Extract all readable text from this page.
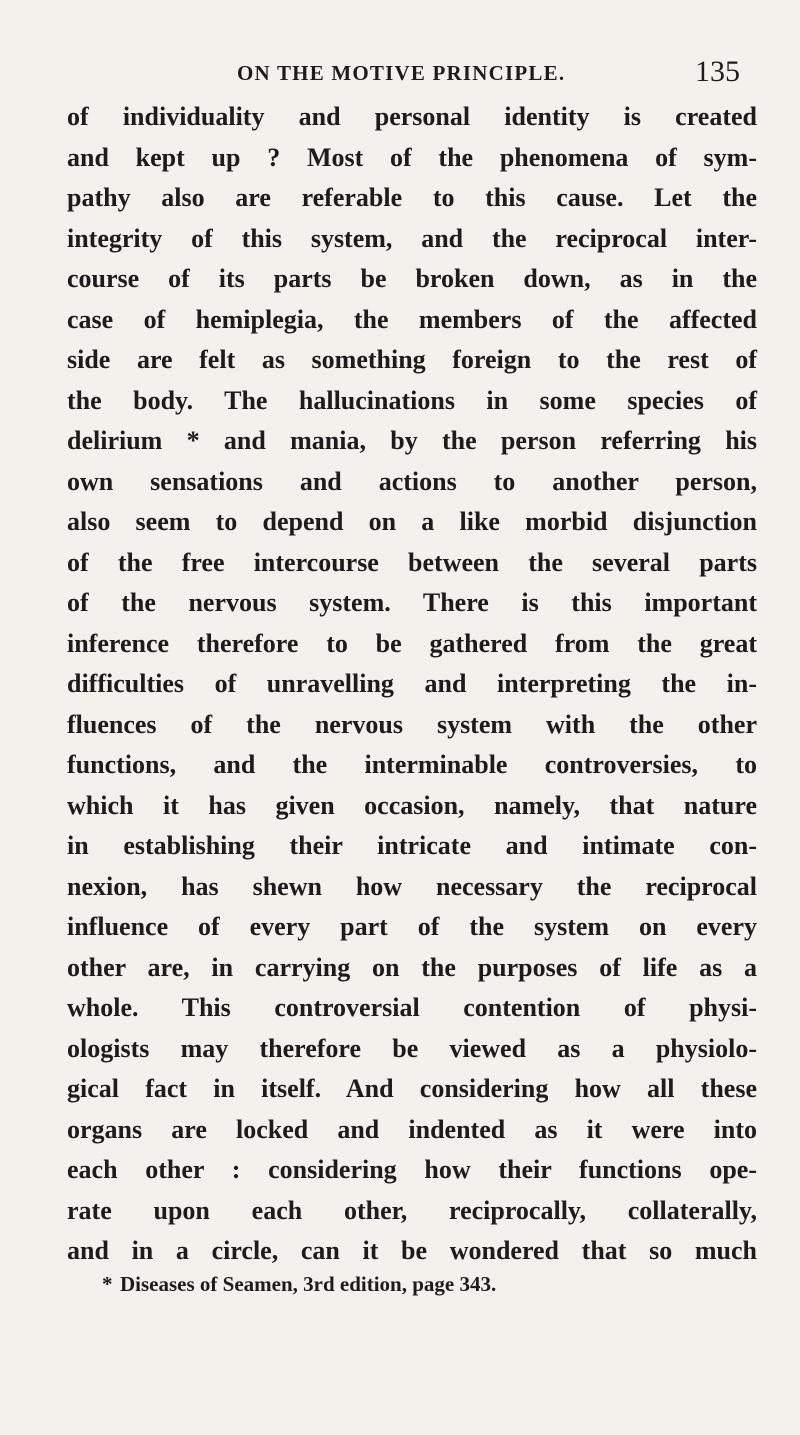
ON THE MOTIVE PRINCIPLE.	135
of individuality and personal identity is created
and kept up ? Most of the phenomena of sym-
pathy also are referable to this cause. Let the
integrity of this system, and the reciprocal inter-
course of its parts be broken down, as in the
case of hemiplegia, the members of the affected
side are felt as something foreign to the rest of
the body. The hallucinations in some species of
delirium * and mania, by the person referring his
own sensations and actions to another person,
also seem to depend on a like morbid disjunction
of the free intercourse between the several parts
of the nervous system. There is this important
inference therefore to be gathered from the great
difficulties of unravelling and interpreting the in-
fluences of the nervous system with the other
functions, and the interminable controversies, to
which it has given occasion, namely, that nature
in establishing their intricate and intimate con-
nexion, has shewn how necessary the reciprocal
influence of every part of the system on every
other are, in carrying on the purposes of life as a
whole. This controversial contention of physi-
ologists may therefore be viewed as a physiolo-
gical fact in itself. And considering how all these
organs are locked and indented as it were into
each other : considering how their functions ope-
rate upon each other, reciprocally, collaterally,
and in a circle, can it be wondered that so much
* Diseases of Seamen, 3rd edition, page 343.
